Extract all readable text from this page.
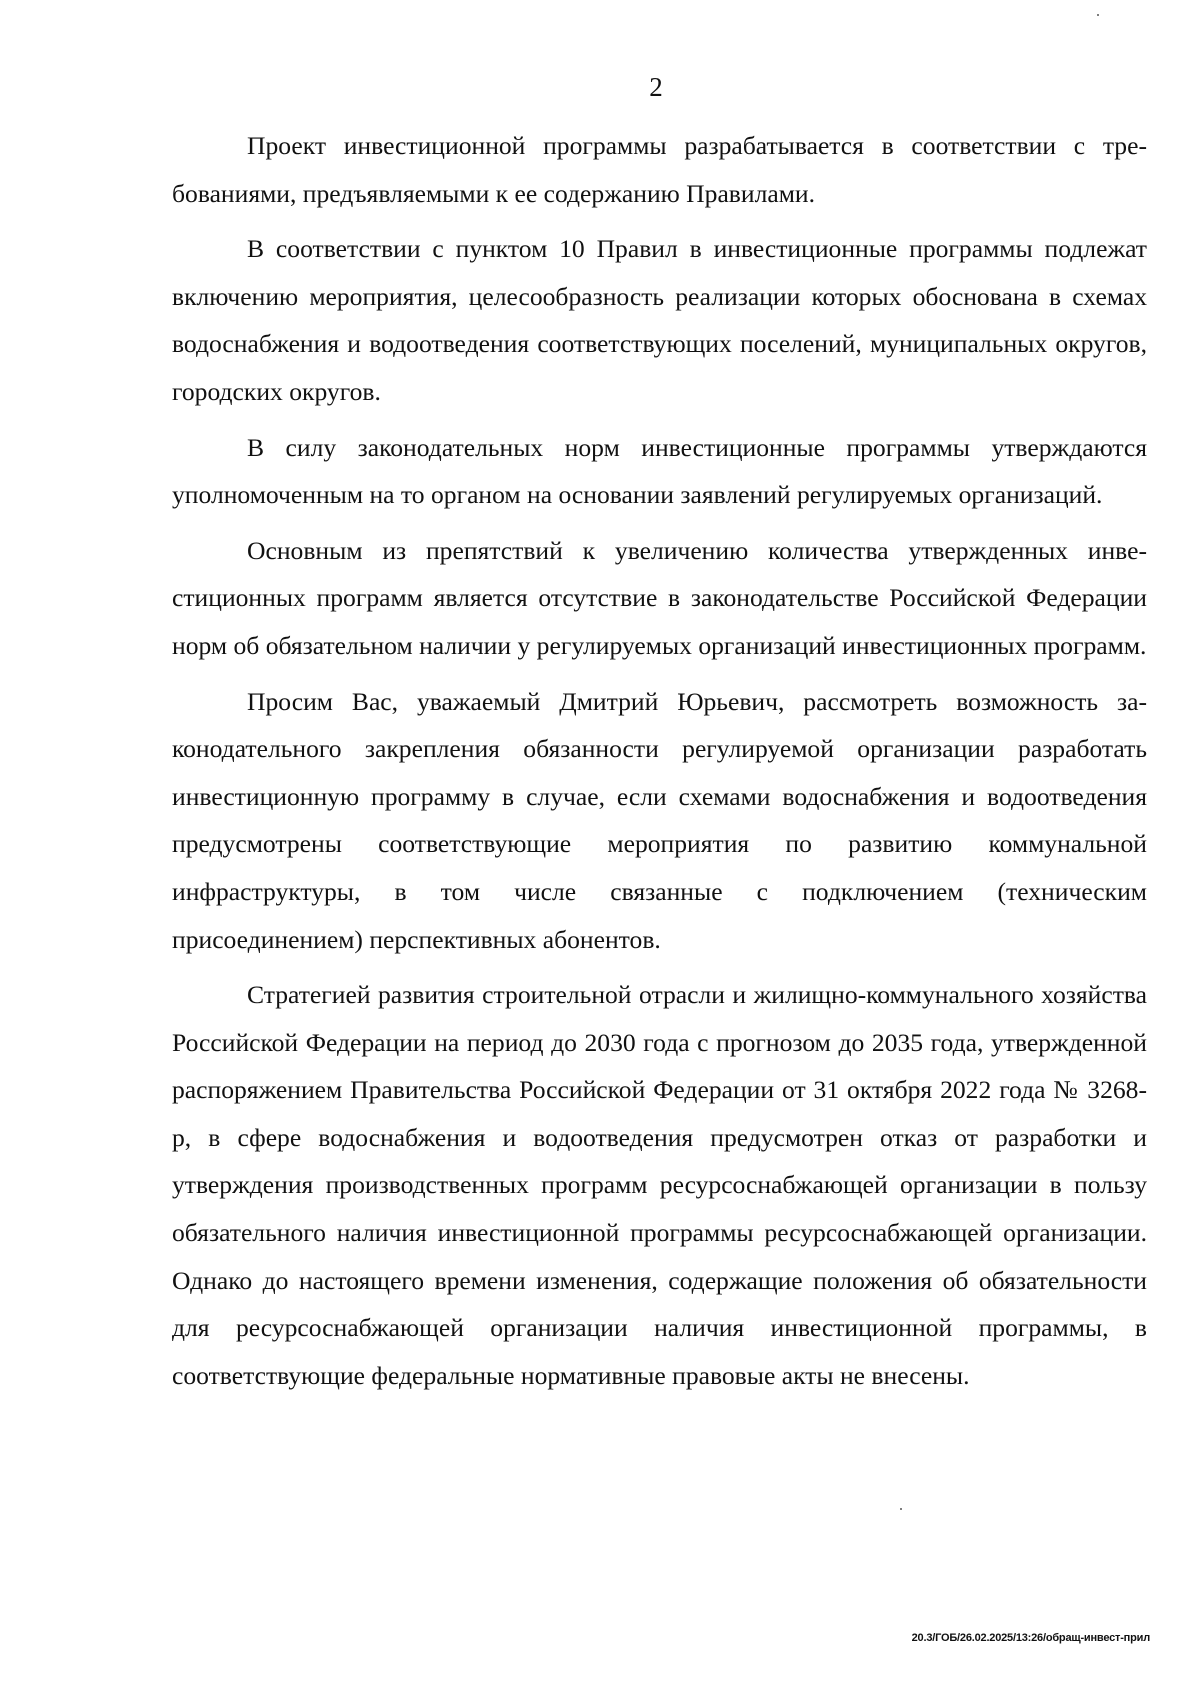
2

Проект инвестиционной программы разрабатывается в соответствии с требованиями, предъявляемыми к ее содержанию Правилами.

В соответствии с пунктом 10 Правил в инвестиционные программы подлежат включению мероприятия, целесообразность реализации которых обоснована в схемах водоснабжения и водоотведения соответствующих поселений, муниципальных округов, городских округов.

В силу законодательных норм инвестиционные программы утверждаются уполномоченным на то органом на основании заявлений регулируемых организаций.

Основным из препятствий к увеличению количества утвержденных инвестиционных программ является отсутствие в законодательстве Российской Федерации норм об обязательном наличии у регулируемых организаций инвестиционных программ.

Просим Вас, уважаемый Дмитрий Юрьевич, рассмотреть возможность законодательного закрепления обязанности регулируемой организации разработать инвестиционную программу в случае, если схемами водоснабжения и водоотведения предусмотрены соответствующие мероприятия по развитию коммунальной инфраструктуры, в том числе связанные с подключением (техническим присоединением) перспективных абонентов.

Стратегией развития строительной отрасли и жилищно-коммунального хозяйства Российской Федерации на период до 2030 года с прогнозом до 2035 года, утвержденной распоряжением Правительства Российской Федерации от 31 октября 2022 года № 3268-р, в сфере водоснабжения и водоотведения предусмотрен отказ от разработки и утверждения производственных программ ресурсоснабжающей организации в пользу обязательного наличия инвестиционной программы ресурсоснабжающей организации. Однако до настоящего времени изменения, содержащие положения об обязательности для ресурсоснабжающей организации наличия инвестиционной программы, в соответствующие федеральные нормативные правовые акты не внесены.

20.3/ГОБ/26.02.2025/13:26/обращ-инвест-прил
